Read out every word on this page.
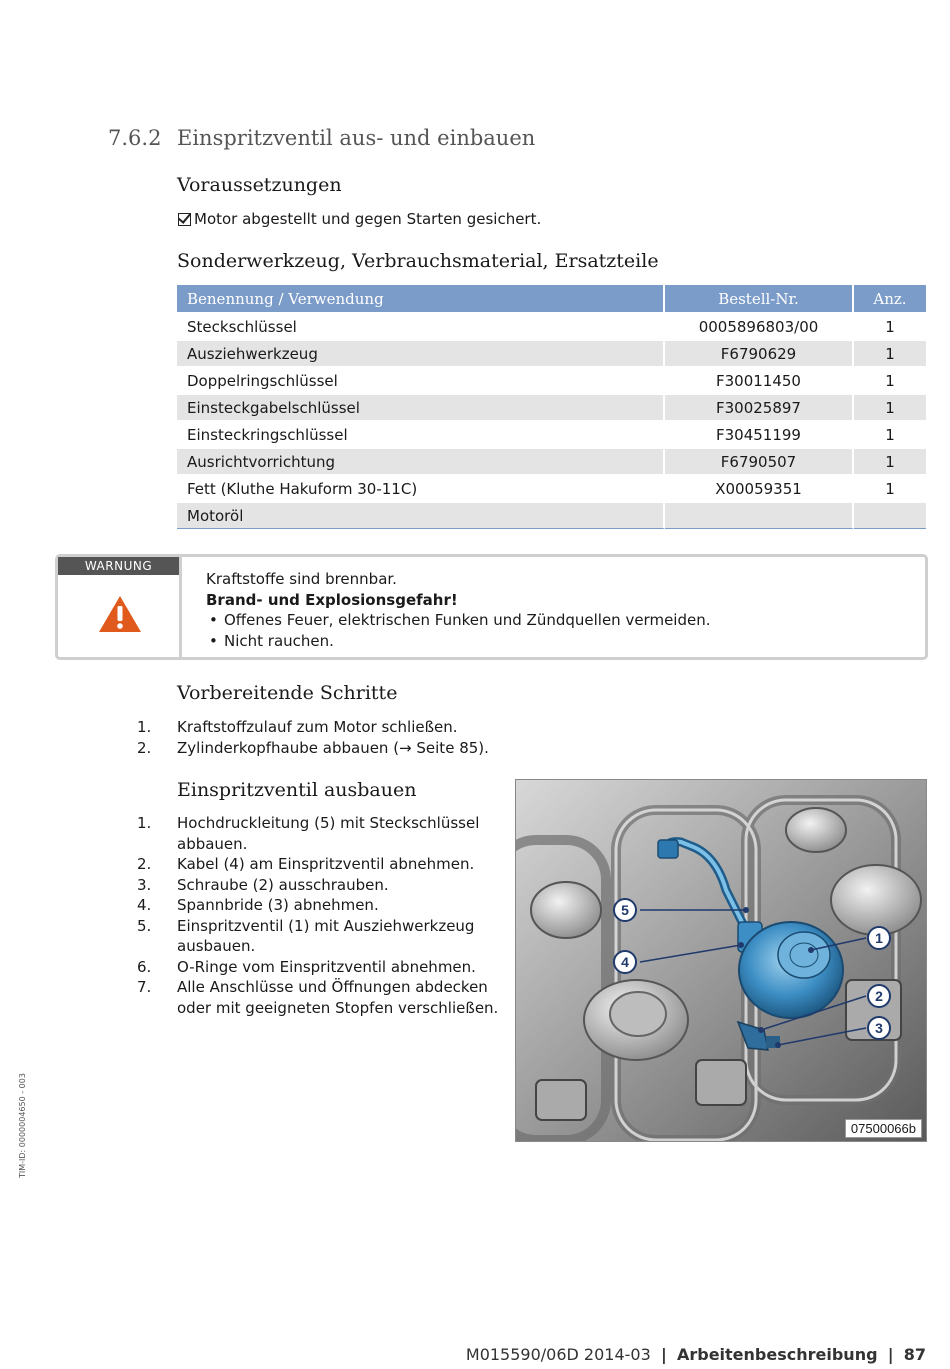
7.6.2 Einspritzventil aus- und einbauen
Voraussetzungen
Motor abgestellt und gegen Starten gesichert.
Sonderwerkzeug, Verbrauchsmaterial, Ersatzteile
Benennung / Verwendung	Bestell-Nr.	Anz.
Steckschlüssel	0005896803/00	1
Ausziehwerkzeug	F6790629	1
Doppelringschlüssel	F30011450	1
Einsteckgabelschlüssel	F30025897	1
Einsteckringschlüssel	F30451199	1
Ausrichtvorrichtung	F6790507	1
Fett (Kluthe Hakuform 30-11C)	X00059351	1
Motoröl		
WARNUNG
Kraftstoffe sind brennbar.
Brand- und Explosionsgefahr!
• Offenes Feuer, elektrischen Funken und Zündquellen vermeiden.
• Nicht rauchen.
Vorbereitende Schritte
1. Kraftstoffzulauf zum Motor schließen.
2. Zylinderkopfhaube abbauen (→ Seite 85).
Einspritzventil ausbauen
1. Hochdruckleitung (5) mit Steckschlüssel
abbauen.
2. Kabel (4) am Einspritzventil abnehmen.
3. Schraube (2) ausschrauben.
4. Spannbride (3) abnehmen.
5. Einspritzventil (1) mit Ausziehwerkzeug
ausbauen.
6. O-Ringe vom Einspritzventil abnehmen.
7. Alle Anschlüsse und Öffnungen abdecken
oder mit geeigneten Stopfen verschließen.
5
4
1
2
3
07500066b
TIM-ID: 0000004650 - 003
M015590/06D 2014-03 | Arbeitenbeschreibung | 87
